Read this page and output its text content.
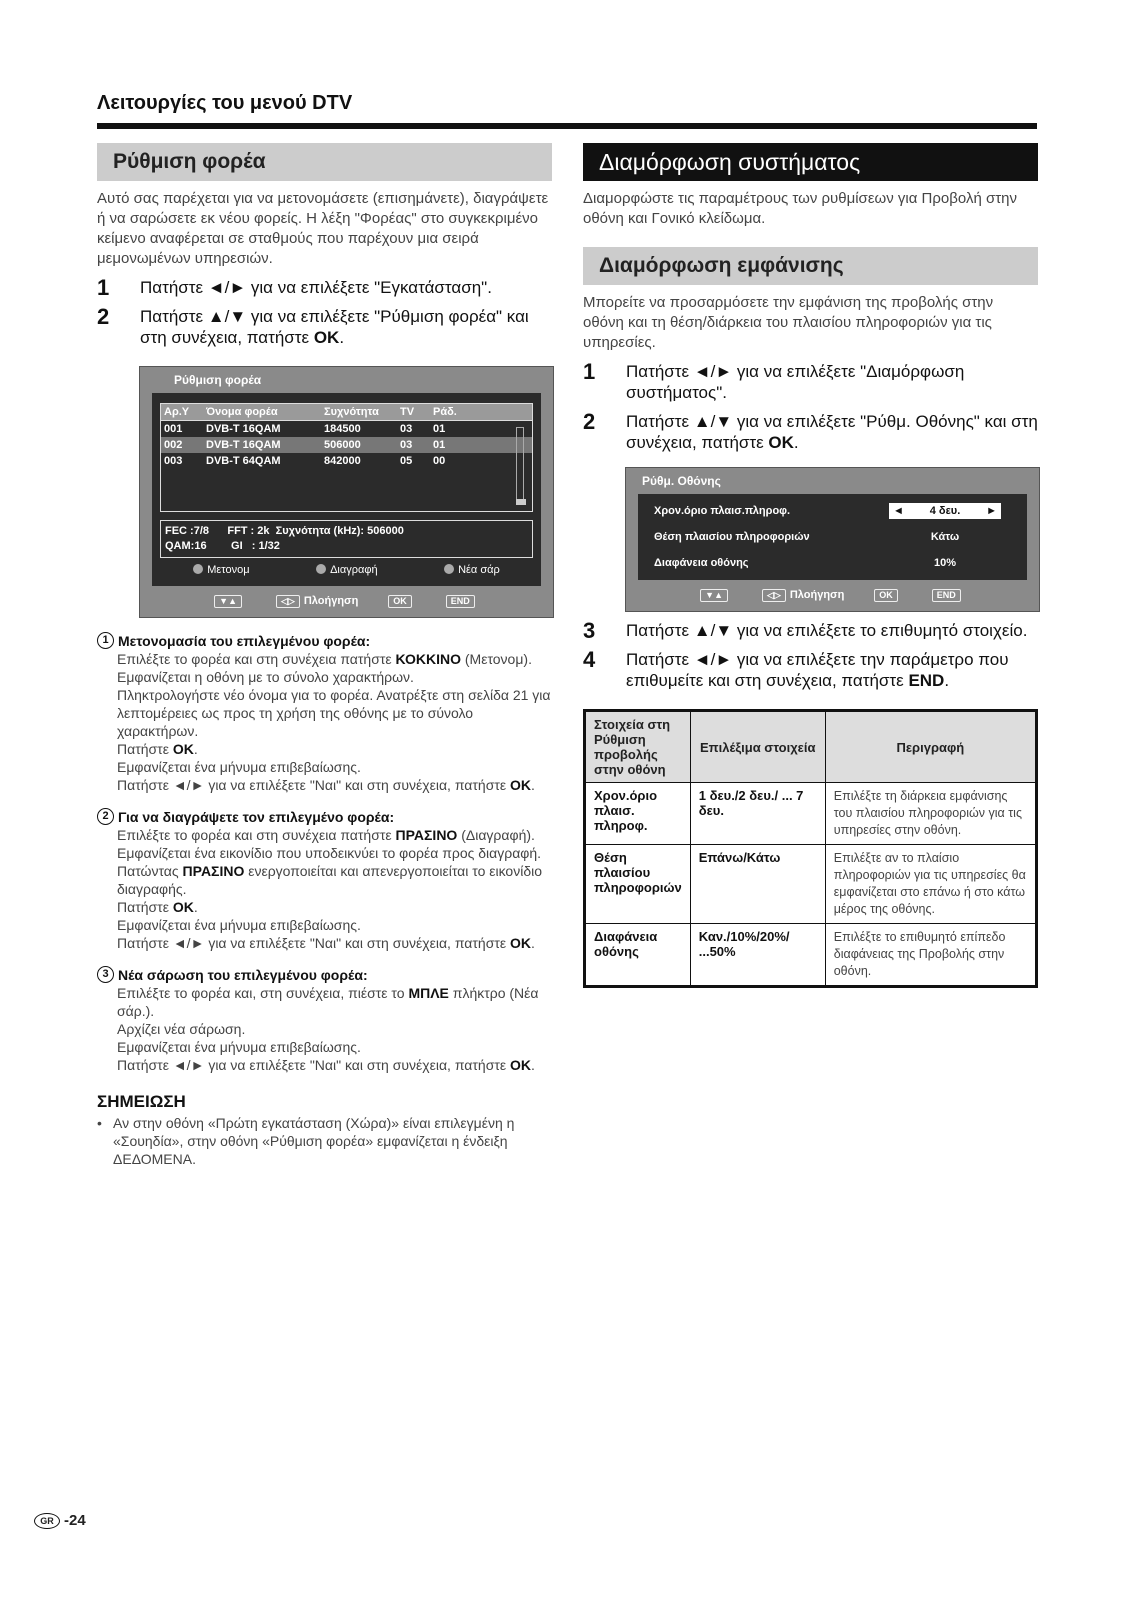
Λειτουργίες του μενού DTV
Ρύθμιση φορέα
Αυτό σας παρέχεται για να μετονομάσετε (επισημάνετε), διαγράψετε ή να σαρώσετε εκ νέου φορείς. Η λέξη "Φορέας" στο συγκεκριμένο κείμενο αναφέρεται σε σταθμούς που παρέχουν μια σειρά μεμονωμένων υπηρεσιών.
1	Πατήστε ◄/► για να επιλέξετε "Εγκατάσταση".
2	Πατήστε ▲/▼ για να επιλέξετε "Ρύθμιση φορέα" και στη συνέχεια, πατήστε OK.
Ρύθμιση φορέα
Αρ.Υ	Όνομα φορέα	Συχνότητα	TV	Ράδ.
001	DVB-T 16QAM	184500	03	01
002	DVB-T 16QAM	506000	03	01
003	DVB-T 64QAM	842000	05	00
FEC :7/8      FFT : 2k  Συχνότητα (kHz): 506000
QAM:16        GI   : 1/32
Μετονομ	Διαγραφή	Νέα σάρ
▼▲	◁▷ Πλοήγηση	OK	END
1 Μετονομασία του επιλεγμένου φορέα:

Επιλέξτε το φορέα και στη συνέχεια πατήστε ΚΟΚΚΙΝΟ (Μετονομ).

Εμφανίζεται η οθόνη με το σύνολο χαρακτήρων.

Πληκτρολογήστε νέο όνομα για το φορέα. Ανατρέξτε στη σελίδα 21 για λεπτομέρειες ως προς τη χρήση της οθόνης με το σύνολο χαρακτήρων.

Πατήστε OK.

Εμφανίζεται ένα μήνυμα επιβεβαίωσης.

Πατήστε ◄/► για να επιλέξετε "Ναι" και στη συνέχεια, πατήστε OK.

2 Για να διαγράψετε τον επιλεγμένο φορέα:

Επιλέξτε το φορέα και στη συνέχεια πατήστε ΠΡΑΣΙΝΟ (Διαγραφή).

Εμφανίζεται ένα εικονίδιο που υποδεικνύει το φορέα προς διαγραφή.

Πατώντας ΠΡΑΣΙΝΟ ενεργοποιείται και απενεργοποιείται το εικονίδιο διαγραφής.

Πατήστε OK.

Εμφανίζεται ένα μήνυμα επιβεβαίωσης.

Πατήστε ◄/► για να επιλέξετε "Ναι" και στη συνέχεια, πατήστε OK.

3 Νέα σάρωση του επιλεγμένου φορέα:

Επιλέξτε το φορέα και, στη συνέχεια, πιέστε το ΜΠΛΕ πλήκτρο (Νέα σάρ.).

Αρχίζει νέα σάρωση.

Εμφανίζεται ένα μήνυμα επιβεβαίωσης.

Πατήστε ◄/► για να επιλέξετε "Ναι" και στη συνέχεια, πατήστε OK.

ΣΗΜΕΙΩΣΗ
• Αν στην οθόνη «Πρώτη εγκατάσταση (Χώρα)» είναι επιλεγμένη η «Σουηδία», στην οθόνη «Ρύθμιση φορέα» εμφανίζεται η ένδειξη ΔΕΔΟΜΕΝΑ.
Διαμόρφωση συστήματος
Διαμορφώστε τις παραμέτρους των ρυθμίσεων για Προβολή στην οθόνη και Γονικό κλείδωμα.
Διαμόρφωση εμφάνισης
Μπορείτε να προσαρμόσετε την εμφάνιση της προβολής στην οθόνη και τη θέση/διάρκεια του πλαισίου πληροφοριών για τις υπηρεσίες.
1	Πατήστε ◄/► για να επιλέξετε "Διαμόρφωση συστήματος".
2	Πατήστε ▲/▼ για να επιλέξετε "Ρύθμ. Οθόνης" και στη συνέχεια, πατήστε OK.
Ρύθμ. Οθόνης
Χρον.όριο πλαισ.πληροφ.	◄ 4 δευ. ►
Θέση πλαισίου πληροφοριών	Κάτω
Διαφάνεια οθόνης	10%
▼▲	◁▷ Πλοήγηση	OK	END
3	Πατήστε ▲/▼ για να επιλέξετε το επιθυμητό στοιχείο.
4	Πατήστε ◄/► για να επιλέξετε την παράμετρο που επιθυμείτε και στη συνέχεια, πατήστε END.
Στοιχεία στη Ρύθμιση προβολής στην οθόνη	Επιλέξιμα στοιχεία	Περιγραφή
Χρον.όριο πλαισ. πληροφ.	1 δευ./2 δευ./ ... 7 δευ.	Επιλέξτε τη διάρκεια εμφάνισης του πλαισίου πληροφοριών για τις υπηρεσίες στην οθόνη.
Θέση πλαισίου πληροφοριών	Επάνω/Κάτω	Επιλέξτε αν το πλαίσιο πληροφοριών για τις υπηρεσίες θα εμφανίζεται στο επάνω ή στο κάτω μέρος της οθόνης.
Διαφάνεια οθόνης	Καν./10%/20%/ ...50%	Επιλέξτε το επιθυμητό επίπεδο διαφάνειας της Προβολής στην οθόνη.
GR -24
